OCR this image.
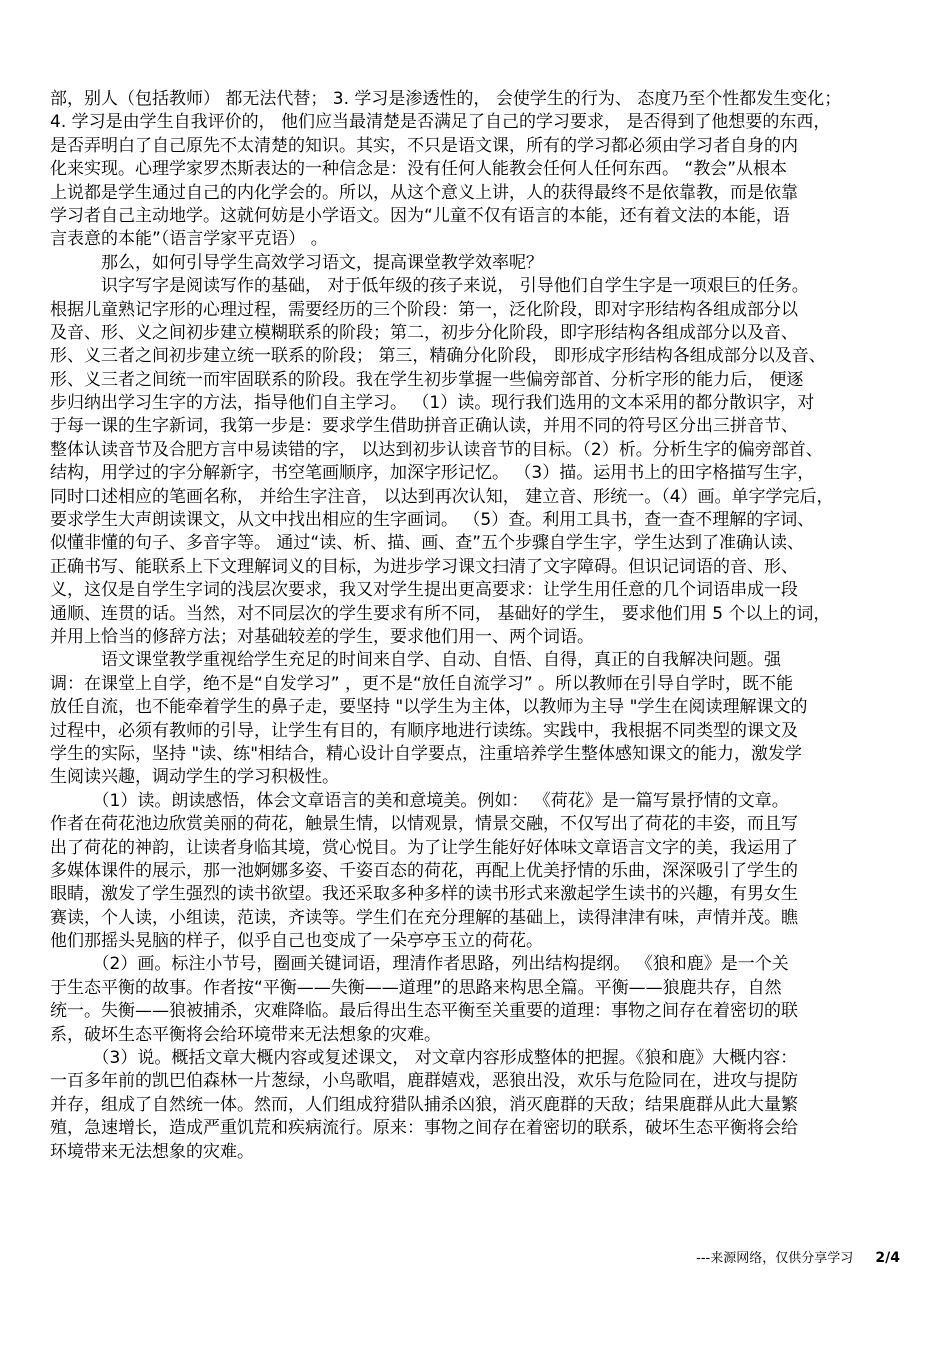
部，别人（包括教师） 都无法代替； 3. 学习是渗透性的， 会使学生的行为、 态度乃至个性都发生变化；
4. 学习是由学生自我评价的， 他们应当最清楚是否满足了自己的学习要求， 是否得到了他想要的东西，
是否弄明白了自己原先不太清楚的知识。其实，不只是语文课，所有的学习都必须由学习者自身的内
化来实现。心理学家罗杰斯表达的一种信念是：没有任何人能教会任何人任何东西。 “教会”从根本
上说都是学生通过自己的内化学会的。所以，从这个意义上讲，人的获得最终不是依靠教，而是依靠
学习者自己主动地学。这就何妨是小学语文。因为“儿童不仅有语言的本能，还有着文法的本能，语
言表意的本能”（语言学家平克语） 。
　　　那么，如何引导学生高效学习语文，提高课堂教学效率呢？
　　　识字写字是阅读写作的基础， 对于低年级的孩子来说， 引导他们自学生字是一项艰巨的任务。
根据儿童熟记字形的心理过程，需要经历的三个阶段：第一，泛化阶段，即对字形结构各组成部分以
及音、形、义之间初步建立模糊联系的阶段；第二，初步分化阶段，即字形结构各组成部分以及音、
形、义三者之间初步建立统一联系的阶段； 第三，精确分化阶段， 即形成字形结构各组成部分以及音、
形、义三者之间统一而牢固联系的阶段。我在学生初步掌握一些偏旁部首、分析字形的能力后， 便逐
步归纳出学习生字的方法，指导他们自主学习。 （1）读。现行我们选用的文本采用的都分散识字，对
于每一课的生字新词，我第一步是：要求学生借助拼音正确认读，并用不同的符号区分出三拼音节、
整体认读音节及合肥方言中易读错的字， 以达到初步认读音节的目标。（2）析。分析生字的偏旁部首、
结构，用学过的字分解新字，书空笔画顺序，加深字形记忆。 （3）描。运用书上的田字格描写生字，
同时口述相应的笔画名称， 并给生字注音， 以达到再次认知， 建立音、形统一。（4）画。单字学完后，
要求学生大声朗读课文，从文中找出相应的生字画词。 （5）查。利用工具书，查一查不理解的字词、
似懂非懂的句子、多音字等。 通过“读、析、描、画、查”五个步骤自学生字，学生达到了准确认读、
正确书写、能联系上下文理解词义的目标，为进步学习课文扫清了文字障碍。但识记词语的音、形、
义，这仅是自学生字词的浅层次要求，我又对学生提出更高要求：让学生用任意的几个词语串成一段
通顺、连贯的话。当然，对不同层次的学生要求有所不同， 基础好的学生， 要求他们用 5 个以上的词，
并用上恰当的修辞方法；对基础较差的学生，要求他们用一、两个词语。
　　　语文课堂教学重视给学生充足的时间来自学、自动、自悟、自得，真正的自我解决问题。强
调：在课堂上自学，绝不是“自发学习” ，更不是“放任自流学习” 。所以教师在引导自学时，既不能
放任自流，也不能牵着学生的鼻子走，要坚持 "以学生为主体，以教师为主导 "学生在阅读理解课文的
过程中，必须有教师的引导，让学生有目的，有顺序地进行读练。实践中，我根据不同类型的课文及
学生的实际，坚持 "读、练"相结合，精心设计自学要点，注重培养学生整体感知课文的能力，激发学
生阅读兴趣，调动学生的学习积极性。
　　　（1）读。朗读感悟，体会文章语言的美和意境美。例如： 《荷花》是一篇写景抒情的文章。
作者在荷花池边欣赏美丽的荷花，触景生情，以情观景，情景交融，不仅写出了荷花的丰姿，而且写
出了荷花的神韵，让读者身临其境，赏心悦目。为了让学生能好好体味文章语言文字的美，我运用了
多媒体课件的展示，那一池婀娜多姿、千姿百态的荷花，再配上优美抒情的乐曲，深深吸引了学生的
眼睛，激发了学生强烈的读书欲望。我还采取多种多样的读书形式来激起学生读书的兴趣，有男女生
赛读，个人读，小组读，范读，齐读等。学生们在充分理解的基础上，读得津津有味，声情并茂。瞧
他们那摇头晃脑的样子，似乎自己也变成了一朵亭亭玉立的荷花。
　　　（2）画。标注小节号，圈画关键词语，理清作者思路，列出结构提纲。 《狼和鹿》是一个关
于生态平衡的故事。作者按“平衡——失衡——道理”的思路来构思全篇。平衡——狼鹿共存，自然
统一。失衡——狼被捕杀，灾难降临。最后得出生态平衡至关重要的道理：事物之间存在着密切的联
系，破坏生态平衡将会给环境带来无法想象的灾难。
　　　（3）说。概括文章大概内容或复述课文， 对文章内容形成整体的把握。《狼和鹿》大概内容：
一百多年前的凯巴伯森林一片葱绿，小鸟歌唱，鹿群嬉戏，恶狼出没，欢乐与危险同在，进攻与提防
并存，组成了自然统一体。然而，人们组成狩猎队捕杀凶狼，消灭鹿群的天敌；结果鹿群从此大量繁
殖，急速增长，造成严重饥荒和疾病流行。原来：事物之间存在着密切的联系，破坏生态平衡将会给
环境带来无法想象的灾难。
---来源网络，仅供分享学习 2/4
